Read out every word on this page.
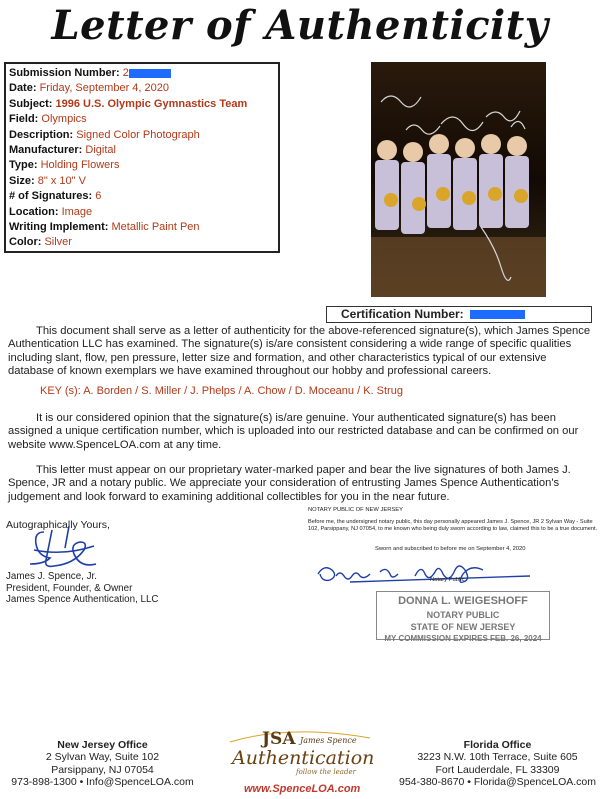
Letter of Authenticity
Submission Number: 2
Date: Friday, September 4, 2020
Subject: 1996 U.S. Olympic Gymnastics Team
Field: Olympics
Description: Signed Color Photograph
Manufacturer: Digital
Type: Holding Flowers
Size: 8" x 10" V
# of Signatures: 6
Location: Image
Writing Implement: Metallic Paint Pen
Color: Silver
Certification Number:
This document shall serve as a letter of authenticity for the above-referenced signature(s), which James Spence Authentication LLC has examined. The signature(s) is/are consistent considering a wide range of specific qualities including slant, flow, pen pressure, letter size and formation, and other characteristics typical of our extensive database of known exemplars we have examined throughout our hobby and professional careers.
KEY (s): A. Borden / S. Miller / J. Phelps / A. Chow / D. Moceanu / K. Strug
It is our considered opinion that the signature(s) is/are genuine. Your authenticated signature(s) has been assigned a unique certification number, which is uploaded into our restricted database and can be confirmed on our website www.SpenceLOA.com at any time.
This letter must appear on our proprietary water-marked paper and bear the live signatures of both James J. Spence, JR and a notary public. We appreciate your consideration of entrusting James Spence Authentication's judgement and look forward to examining additional collectibles for you in the near future.
Autographically Yours,
James J. Spence, Jr.
President, Founder, & Owner
James Spence Authentication, LLC
NOTARY PUBLIC OF NEW JERSEY
Before me, the undersigned notary public, this day personally appeared James J. Spence, JR 2 Sylvan Way - Suite 102, Parsippany, NJ 07054, to me known who being duly sworn according to law, claimed this to be a true document.
Sworn and subscribed to before me on September 4, 2020
Notary Public
DONNA L. WEIGESHOFF
NOTARY PUBLIC
STATE OF NEW JERSEY
MY COMMISSION EXPIRES FEB. 26, 2024
New Jersey Office
2 Sylvan Way, Suite 102
Parsippany, NJ 07054
973-898-1300 • Info@SpenceLOA.com
Florida Office
3223 N.W. 10th Terrace, Suite 605
Fort Lauderdale, FL 33309
954-380-8670 • Florida@SpenceLOA.com
JSA James Spence
Authentication
follow the leader
www.SpenceLOA.com
